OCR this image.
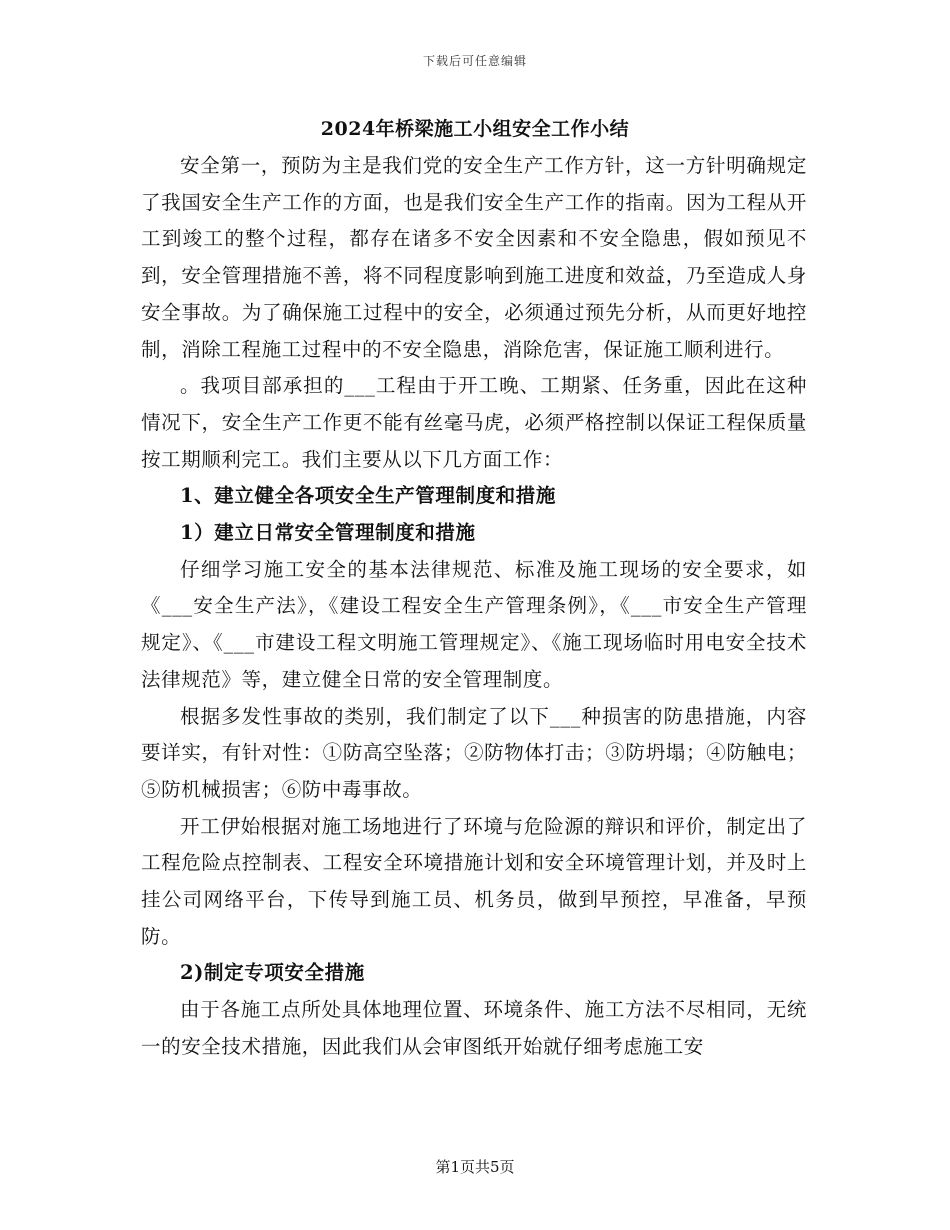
下载后可任意编辑
2024年桥梁施工小组安全工作小结

安全第一，预防为主是我们党的安全生产工作方针，这一方针明确规定了我国安全生产工作的方面，也是我们安全生产工作的指南。因为工程从开工到竣工的整个过程，都存在诸多不安全因素和不安全隐患，假如预见不到，安全管理措施不善，将不同程度影响到施工进度和效益，乃至造成人身安全事故。为了确保施工过程中的安全，必须通过预先分析，从而更好地控制，消除工程施工过程中的不安全隐患，消除危害，保证施工顺利进行。

。我项目部承担的___工程由于开工晚、工期紧、任务重，因此在这种情况下，安全生产工作更不能有丝毫马虎，必须严格控制以保证工程保质量按工期顺利完工。我们主要从以下几方面工作：

1、建立健全各项安全生产管理制度和措施

1）建立日常安全管理制度和措施

仔细学习施工安全的基本法律规范、标准及施工现场的安全要求，如《___安全生产法》，《建设工程安全生产管理条例》，《___市安全生产管理规定》、《___市建设工程文明施工管理规定》、《施工现场临时用电安全技术法律规范》等，建立健全日常的安全管理制度。

根据多发性事故的类别，我们制定了以下___种损害的防患措施，内容要详实，有针对性：①防高空坠落；②防物体打击；③防坍塌；④防触电；⑤防机械损害；⑥防中毒事故。

开工伊始根据对施工场地进行了环境与危险源的辩识和评价，制定出了工程危险点控制表、工程安全环境措施计划和安全环境管理计划，并及时上挂公司网络平台，下传导到施工员、机务员，做到早预控，早准备，早预防。

2)制定专项安全措施

由于各施工点所处具体地理位置、环境条件、施工方法不尽相同，无统一的安全技术措施，因此我们从会审图纸开始就仔细考虑施工安

第1页共5页
